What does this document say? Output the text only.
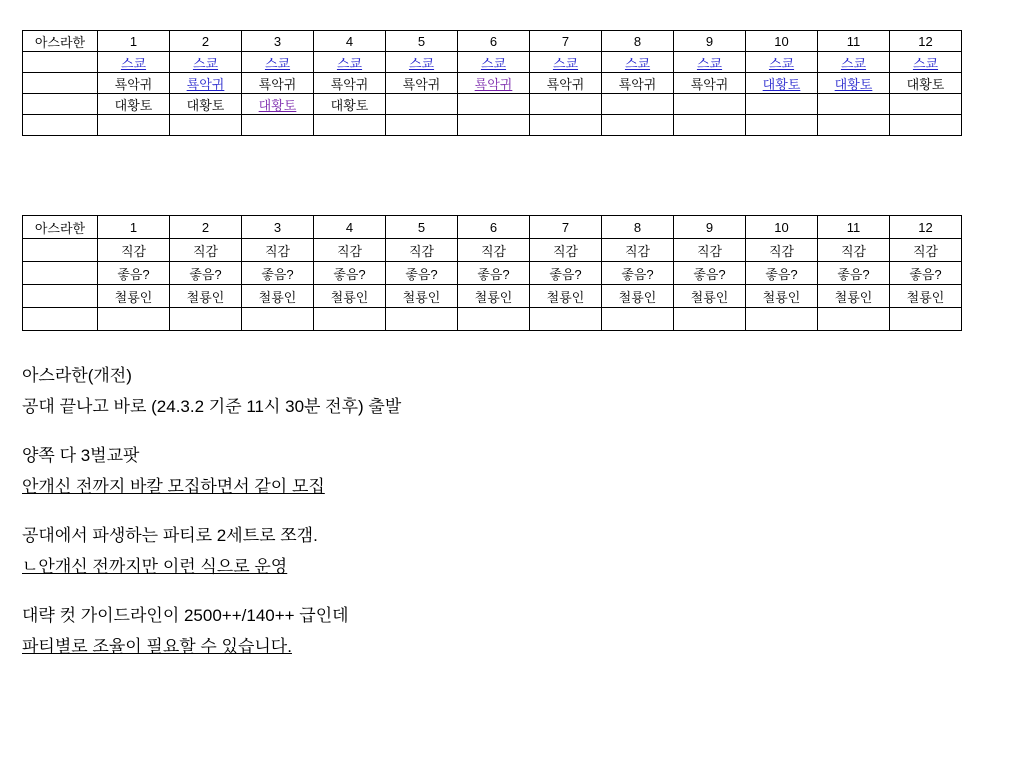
아스라한	1	2	3	4	5	6	7	8	9	10	11	12
	스쿄	스쿄	스쿄	스쿄	스쿄	스쿄	스쿄	스쿄	스쿄	스쿄	스쿄	스쿄
	룍악귀	룍악귀	룍악귀	룍악귀	룍악귀	룍악귀	룍악귀	룍악귀	룍악귀	대황토	대황토	대황토
	대황토	대황토	대황토	대황토								

아스라한	1	2	3	4	5	6	7	8	9	10	11	12
	직감	직감	직감	직감	직감	직감	직감	직감	직감	직감	직감	직감
	좋음?	좋음?	좋음?	좋음?	좋음?	좋음?	좋음?	좋음?	좋음?	좋음?	좋음?	좋음?
	철룡인	철룡인	철룡인	철룡인	철룡인	철룡인	철룡인	철룡인	철룡인	철룡인	철룡인	철룡인

아스라한(개전)

공대 끝나고 바로 (24.3.2 기준 11시 30분 전후) 출발

양쪽 다 3벌교팟

안개신 전까지 바칼 모집하면서 같이 모집

공대에서 파생하는 파티로 2세트로 쪼갬.

ㄴ안개신 전까지만 이런 식으로 운영

대략 컷 가이드라인이 2500++/140++ 급인데

파티별로 조율이 필요할 수 있습니다.
